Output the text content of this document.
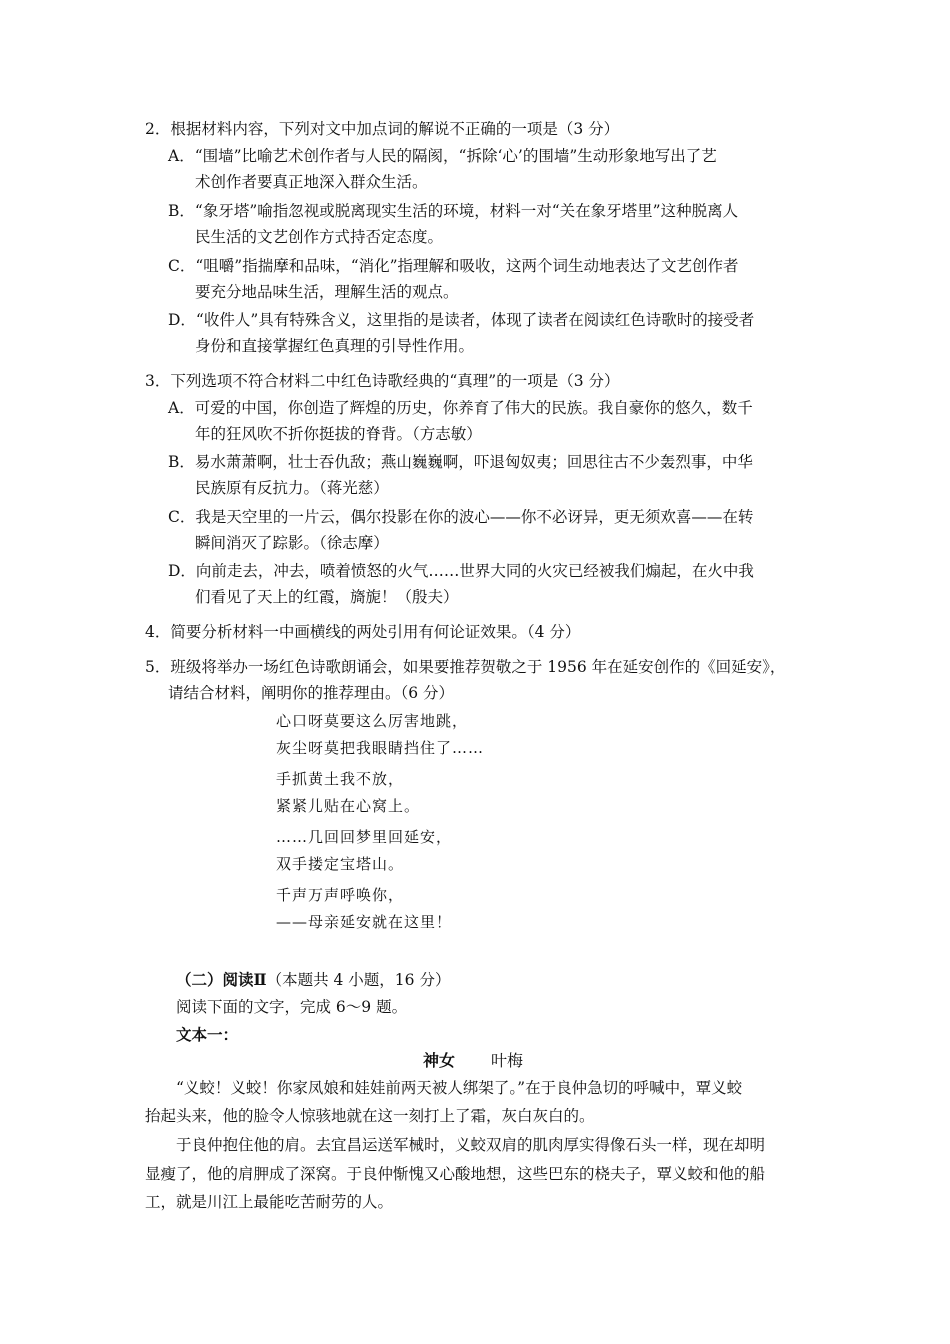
2．根据材料内容，下列对文中加点词的解说不正确的一项是（3 分）
A．“围墙”比喻艺术创作者与人民的隔阂，“拆除‘心’的围墙”生动形象地写出了艺
术创作者要真正地深入群众生活。
B．“象牙塔”喻指忽视或脱离现实生活的环境，材料一对“关在象牙塔里”这种脱离人
民生活的文艺创作方式持否定态度。
C．“咀嚼”指揣摩和品味，“消化”指理解和吸收，这两个词生动地表达了文艺创作者
要充分地品味生活，理解生活的观点。
D．“收件人”具有特殊含义，这里指的是读者，体现了读者在阅读红色诗歌时的接受者
身份和直接掌握红色真理的引导性作用。
3．下列选项不符合材料二中红色诗歌经典的“真理”的一项是（3 分）
A．可爱的中国，你创造了辉煌的历史，你养育了伟大的民族。我自豪你的悠久，数千
年的狂风吹不折你挺拔的脊背。（方志敏）
B．易水萧萧啊，壮士吞仇敌；燕山巍巍啊，吓退匈奴夷；回思往古不少轰烈事，中华
民族原有反抗力。（蒋光慈）
C．我是天空里的一片云，偶尔投影在你的波心——你不必讶异，更无须欢喜——在转
瞬间消灭了踪影。（徐志摩）
D．向前走去，冲去，喷着愤怒的火气……世界大同的火灾已经被我们煽起，在火中我
们看见了天上的红霞，旖旎！（殷夫）
4．简要分析材料一中画横线的两处引用有何论证效果。（4 分）
5．班级将举办一场红色诗歌朗诵会，如果要推荐贺敬之于 1956 年在延安创作的《回延安》，
请结合材料，阐明你的推荐理由。（6 分）
心口呀莫要这么厉害地跳，
灰尘呀莫把我眼睛挡住了……
手抓黄土我不放，
紧紧儿贴在心窝上。
……几回回梦里回延安，
双手搂定宝塔山。
千声万声呼唤你，
——母亲延安就在这里！
（二）阅读Ⅱ（本题共 4 小题，16 分）
阅读下面的文字，完成 6～9 题。
文本一：
神女 叶梅
“义蛟！义蛟！你家凤娘和娃娃前两天被人绑架了。”在于良仲急切的呼喊中，覃义蛟
抬起头来，他的脸令人惊骇地就在这一刻打上了霜，灰白灰白的。
于良仲抱住他的肩。去宜昌运送军械时，义蛟双肩的肌肉厚实得像石头一样，现在却明
显瘦了，他的肩胛成了深窝。于良仲惭愧又心酸地想，这些巴东的桡夫子，覃义蛟和他的船
工，就是川江上最能吃苦耐劳的人。
